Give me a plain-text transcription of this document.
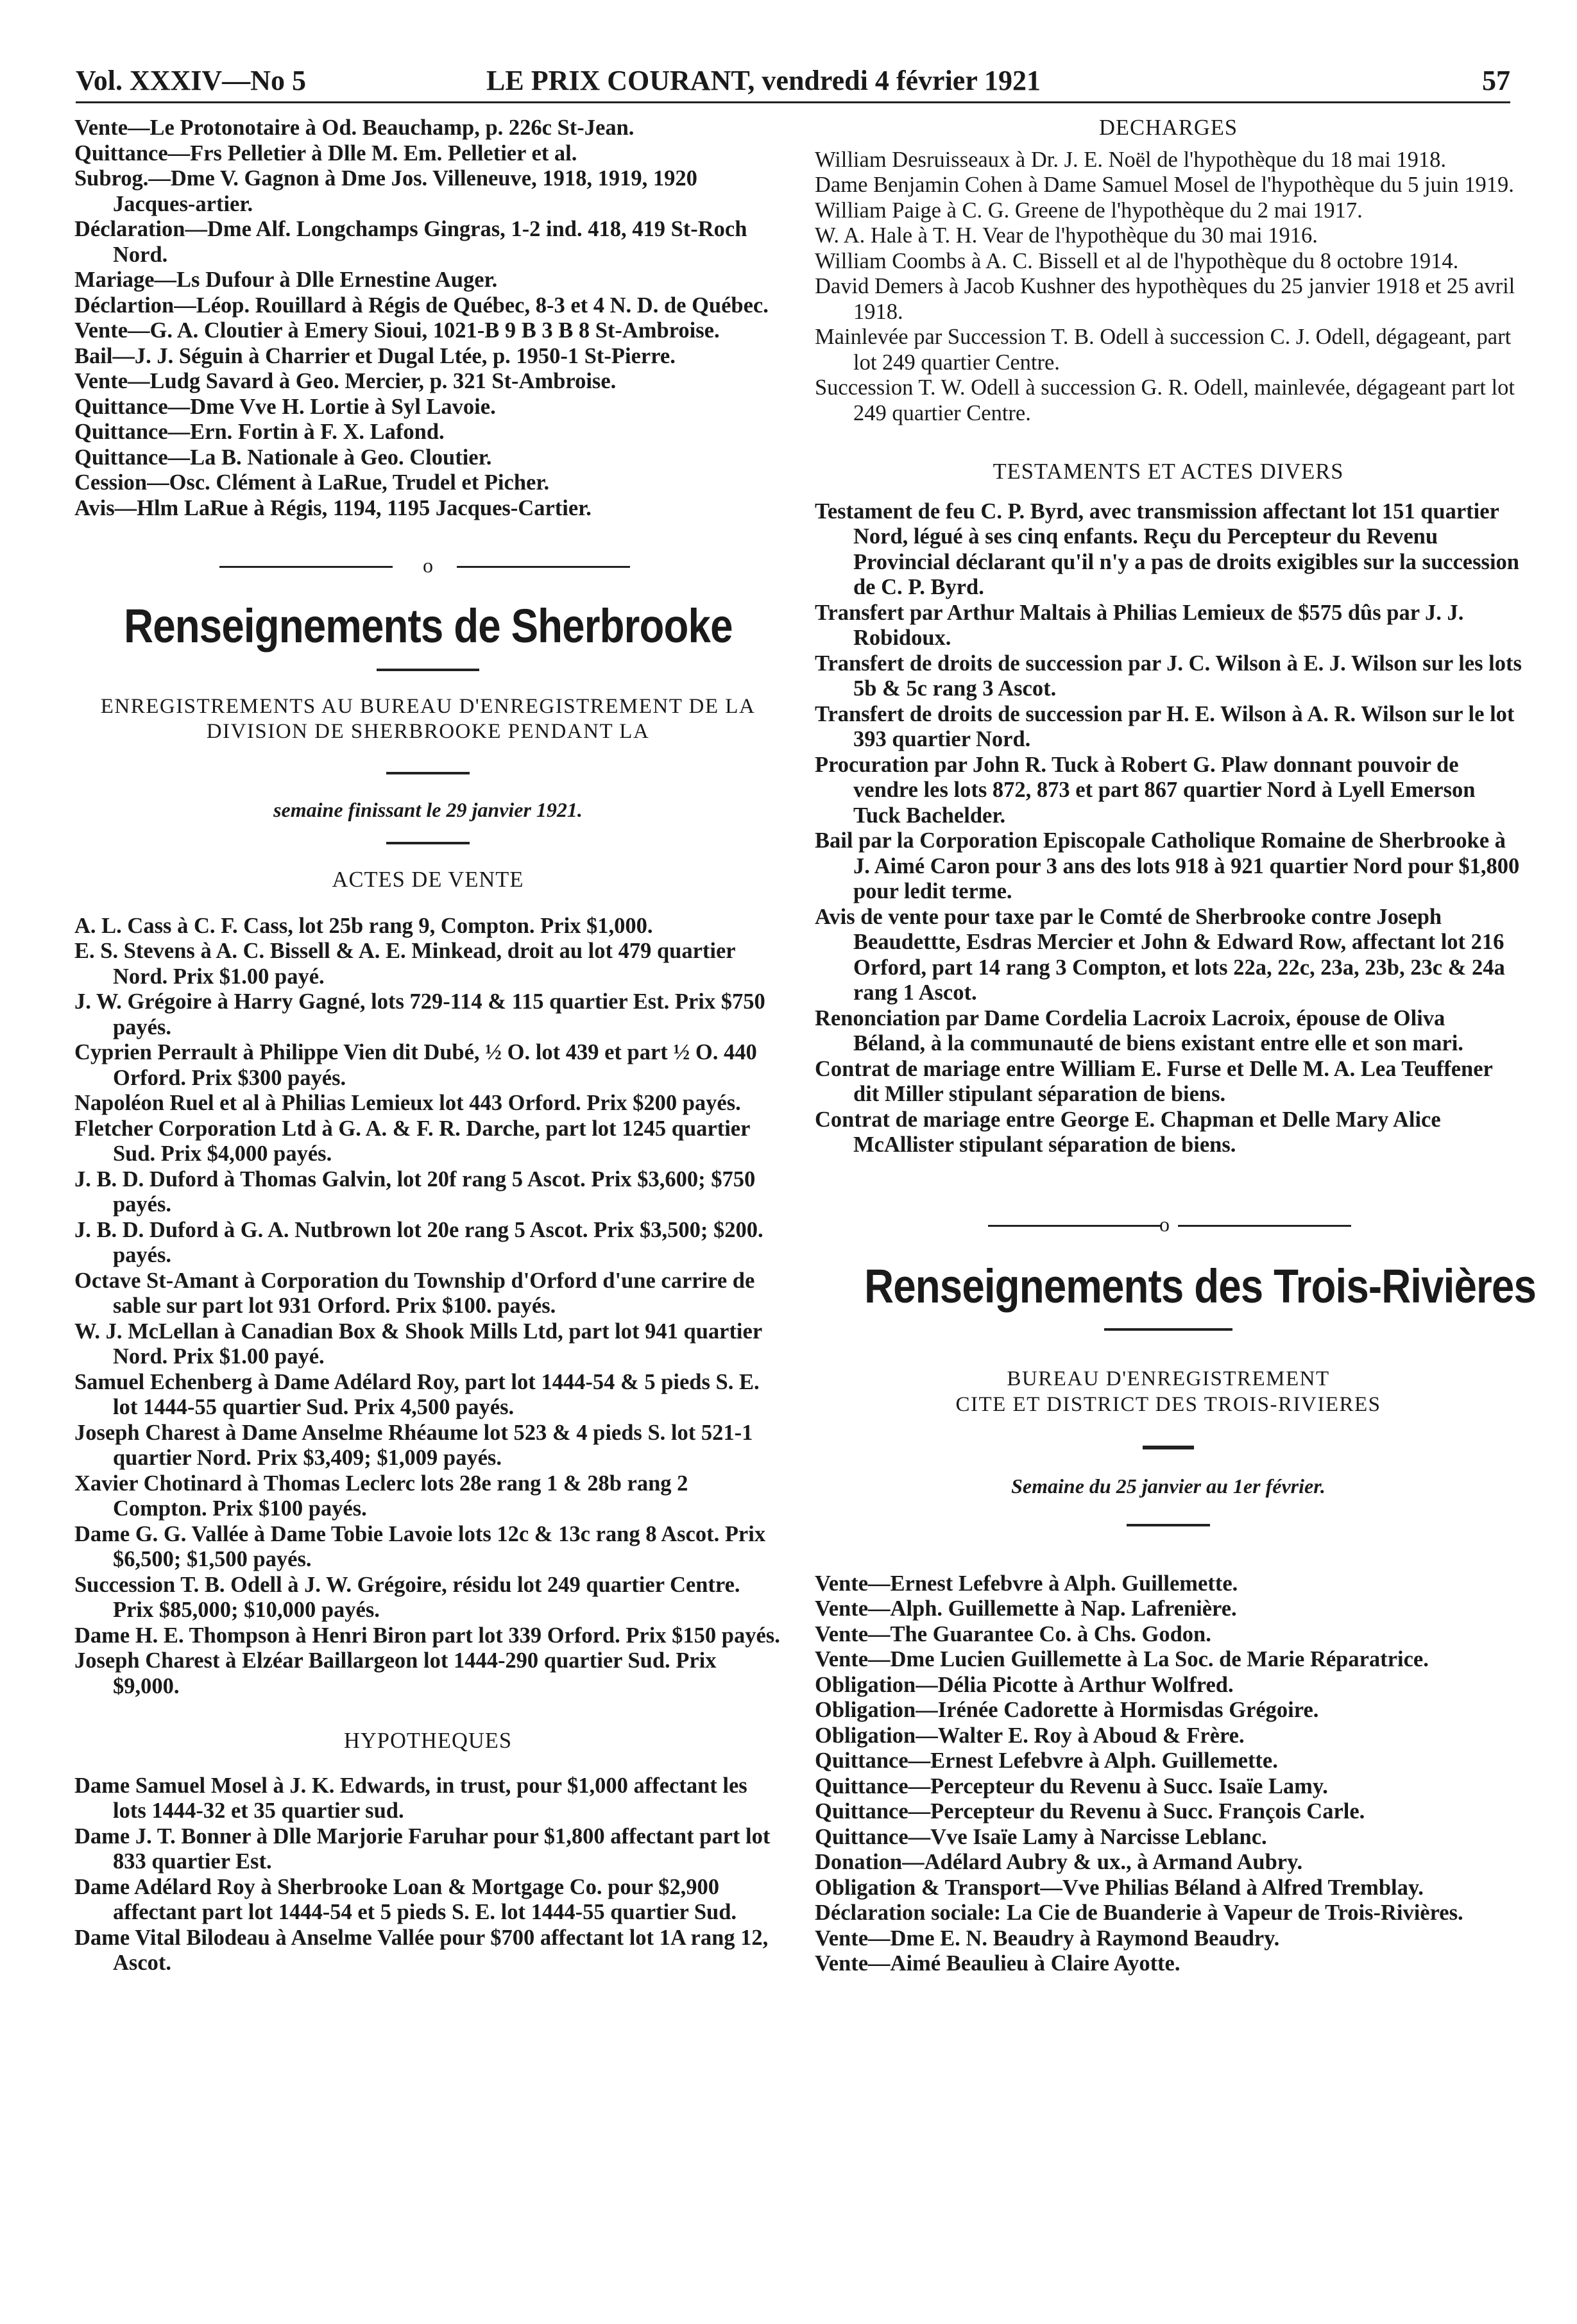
Vol. XXXIV—No 5	LE PRIX COURANT, vendredi 4 février 1921	57

Vente—Le Protonotaire à Od. Beauchamp, p. 226c St-Jean.

Quittance—Frs Pelletier à Dlle M. Em. Pelletier et al.

Subrog.—Dme V. Gagnon à Dme Jos. Villeneuve, 1918, 1919, 1920 Jacques-artier.

Déclaration—Dme Alf. Longchamps Gingras, 1-2 ind. 418, 419 St-Roch Nord.

Mariage—Ls Dufour à Dlle Ernestine Auger.

Déclartion—Léop. Rouillard à Régis de Québec, 8-3 et 4 N. D. de Québec.

Vente—G. A. Cloutier à Emery Sioui, 1021-B 9 B 3 B 8 St-Ambroise.

Bail—J. J. Séguin à Charrier et Dugal Ltée, p. 1950-1 St-Pierre.

Vente—Ludg Savard à Geo. Mercier, p. 321 St-Ambroise.

Quittance—Dme Vve H. Lortie à Syl Lavoie.

Quittance—Ern. Fortin à F. X. Lafond.

Quittance—La B. Nationale à Geo. Cloutier.

Cession—Osc. Clément à LaRue, Trudel et Picher.

Avis—Hlm LaRue à Régis, 1194, 1195 Jacques-Cartier.

o
Renseignements de Sherbrooke
ENREGISTREMENTS AU BUREAU D'ENREGISTREMENT DE LA DIVISION DE SHERBROOKE PENDANT LA
semaine finissant le 29 janvier 1921.
ACTES DE VENTE

A. L. Cass à C. F. Cass, lot 25b rang 9, Compton. Prix $1,000.

E. S. Stevens à A. C. Bissell & A. E. Minkead, droit au lot 479 quartier Nord. Prix $1.00 payé.

J. W. Grégoire à Harry Gagné, lots 729-114 & 115 quartier Est. Prix $750 payés.

Cyprien Perrault à Philippe Vien dit Dubé, ½ O. lot 439 et part ½ O. 440 Orford. Prix $300 payés.

Napoléon Ruel et al à Philias Lemieux lot 443 Orford. Prix $200 payés.

Fletcher Corporation Ltd à G. A. & F. R. Darche, part lot 1245 quartier Sud. Prix $4,000 payés.

J. B. D. Duford à Thomas Galvin, lot 20f rang 5 Ascot. Prix $3,600; $750 payés.

J. B. D. Duford à G. A. Nutbrown lot 20e rang 5 Ascot. Prix $3,500; $200. payés.

Octave St-Amant à Corporation du Township d'Orford d'une carrire de sable sur part lot 931 Orford. Prix $100. payés.

W. J. McLellan à Canadian Box & Shook Mills Ltd, part lot 941 quartier Nord. Prix $1.00 payé.

Samuel Echenberg à Dame Adélard Roy, part lot 1444-54 & 5 pieds S. E. lot 1444-55 quartier Sud. Prix 4,500 payés.

Joseph Charest à Dame Anselme Rhéaume lot 523 & 4 pieds S. lot 521-1 quartier Nord. Prix $3,409; $1,009 payés.

Xavier Chotinard à Thomas Leclerc lots 28e rang 1 & 28b rang 2 Compton. Prix $100 payés.

Dame G. G. Vallée à Dame Tobie Lavoie lots 12c & 13c rang 8 Ascot. Prix $6,500; $1,500 payés.

Succession T. B. Odell à J. W. Grégoire, résidu lot 249 quartier Centre. Prix $85,000; $10,000 payés.

Dame H. E. Thompson à Henri Biron part lot 339 Orford. Prix $150 payés.

Joseph Charest à Elzéar Baillargeon lot 1444-290 quartier Sud. Prix $9,000.

HYPOTHEQUES

Dame Samuel Mosel à J. K. Edwards, in trust, pour $1,000 affectant les lots 1444-32 et 35 quartier sud.

Dame J. T. Bonner à Dlle Marjorie Faruhar pour $1,800 affectant part lot 833 quartier Est.

Dame Adélard Roy à Sherbrooke Loan & Mortgage Co. pour $2,900 affectant part lot 1444-54 et 5 pieds S. E. lot 1444-55 quartier Sud.

Dame Vital Bilodeau à Anselme Vallée pour $700 affectant lot 1A rang 12, Ascot.

DECHARGES

William Desruisseaux à Dr. J. E. Noël de l'hypothèque du 18 mai 1918.

Dame Benjamin Cohen à Dame Samuel Mosel de l'hypothèque du 5 juin 1919.

William Paige à C. G. Greene de l'hypothèque du 2 mai 1917.

W. A. Hale à T. H. Vear de l'hypothèque du 30 mai 1916.

William Coombs à A. C. Bissell et al de l'hypothèque du 8 octobre 1914.

David Demers à Jacob Kushner des hypothèques du 25 janvier 1918 et 25 avril 1918.

Mainlevée par Succession T. B. Odell à succession C. J. Odell, dégageant, part lot 249 quartier Centre.

Succession T. W. Odell à succession G. R. Odell, mainlevée, dégageant part lot 249 quartier Centre.

TESTAMENTS ET ACTES DIVERS

Testament de feu C. P. Byrd, avec transmission affectant lot 151 quartier Nord, légué à ses cinq enfants. Reçu du Percepteur du Revenu Provincial déclarant qu'il n'y a pas de droits exigibles sur la succession de C. P. Byrd.

Transfert par Arthur Maltais à Philias Lemieux de $575 dûs par J. J. Robidoux.

Transfert de droits de succession par J. C. Wilson à E. J. Wilson sur les lots 5b & 5c rang 3 Ascot.

Transfert de droits de succession par H. E. Wilson à A. R. Wilson sur le lot 393 quartier Nord.

Procuration par John R. Tuck à Robert G. Plaw donnant pouvoir de vendre les lots 872, 873 et part 867 quartier Nord à Lyell Emerson Tuck Bachelder.

Bail par la Corporation Episcopale Catholique Romaine de Sherbrooke à J. Aimé Caron pour 3 ans des lots 918 à 921 quartier Nord pour $1,800 pour ledit terme.

Avis de vente pour taxe par le Comté de Sherbrooke contre Joseph Beaudettte, Esdras Mercier et John & Edward Row, affectant lot 216 Orford, part 14 rang 3 Compton, et lots 22a, 22c, 23a, 23b, 23c & 24a rang 1 Ascot.

Renonciation par Dame Cordelia Lacroix Lacroix, épouse de Oliva Béland, à la communauté de biens existant entre elle et son mari.

Contrat de mariage entre William E. Furse et Delle M. A. Lea Teuffener dit Miller stipulant séparation de biens.

Contrat de mariage entre George E. Chapman et Delle Mary Alice McAllister stipulant séparation de biens.

o
Renseignements des Trois-Rivières
BUREAU D'ENREGISTREMENT
CITE ET DISTRICT DES TROIS-RIVIERES
Semaine du 25 janvier au 1er février.

Vente—Ernest Lefebvre à Alph. Guillemette.

Vente—Alph. Guillemette à Nap. Lafrenière.

Vente—The Guarantee Co. à Chs. Godon.

Vente—Dme Lucien Guillemette à La Soc. de Marie Réparatrice.

Obligation—Délia Picotte à Arthur Wolfred.

Obligation—Irénée Cadorette à Hormisdas Grégoire.

Obligation—Walter E. Roy à Aboud & Frère.

Quittance—Ernest Lefebvre à Alph. Guillemette.

Quittance—Percepteur du Revenu à Succ. Isaïe Lamy.

Quittance—Percepteur du Revenu à Succ. François Carle.

Quittance—Vve Isaïe Lamy à Narcisse Leblanc.

Donation—Adélard Aubry & ux., à Armand Aubry.

Obligation & Transport—Vve Philias Béland à Alfred Tremblay.

Déclaration sociale: La Cie de Buanderie à Vapeur de Trois-Rivières.

Vente—Dme E. N. Beaudry à Raymond Beaudry.

Vente—Aimé Beaulieu à Claire Ayotte.
